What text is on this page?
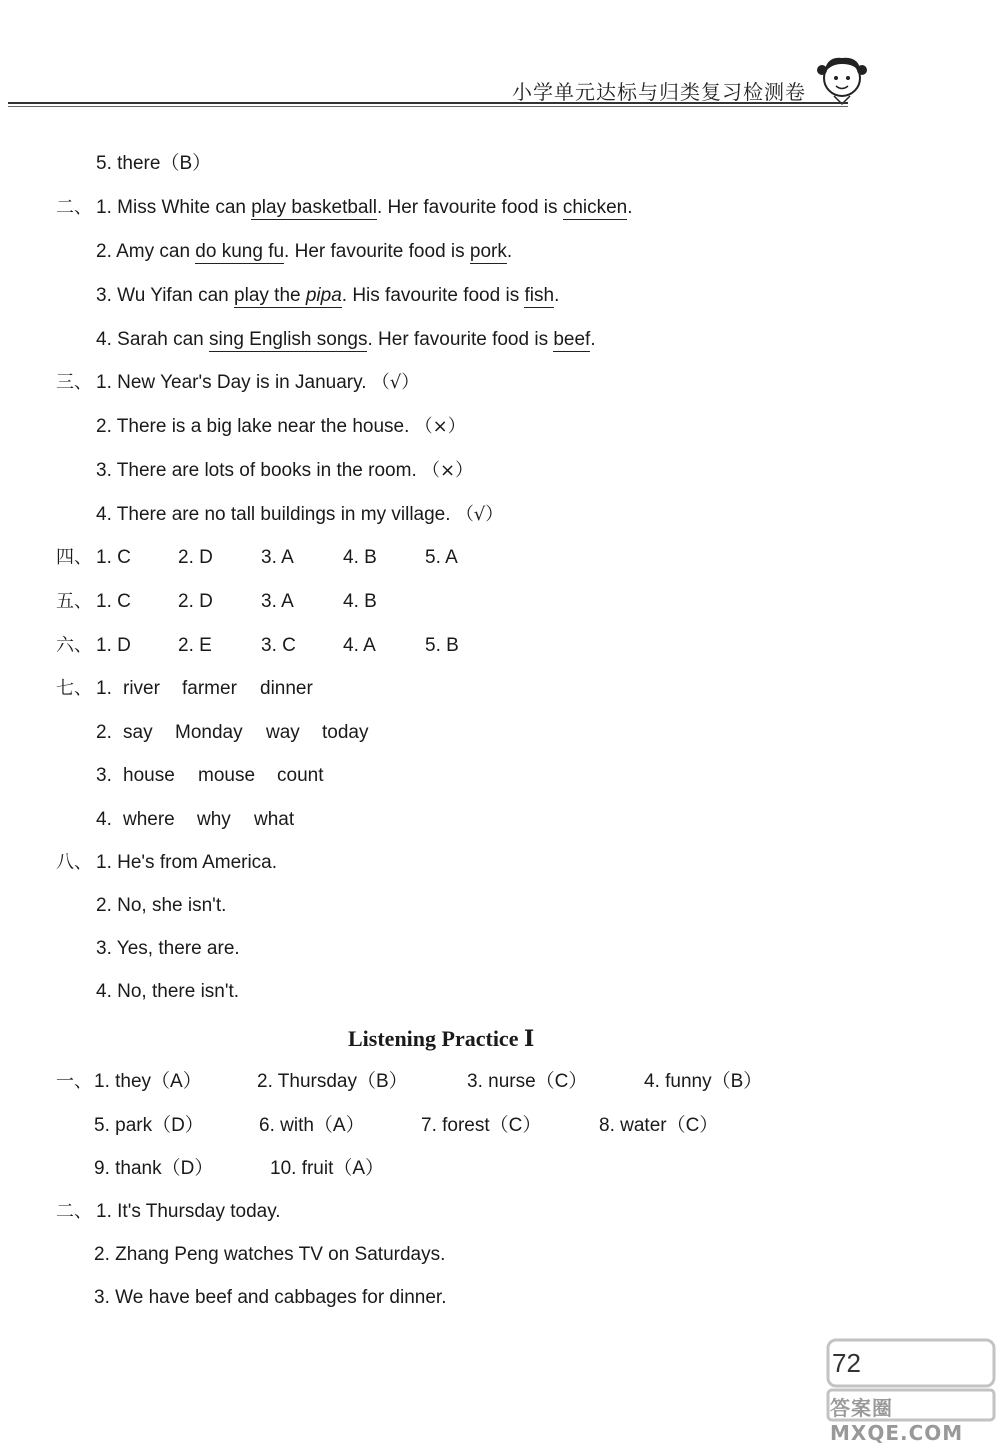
小学单元达标与归类复习检测卷
5. there（B）
二、 1. Miss White can play basketball. Her favourite food is chicken.
2. Amy can do kung fu. Her favourite food is pork.
3. Wu Yifan can play the pipa. His favourite food is fish.
4. Sarah can sing English songs. Her favourite food is beef.
三、 1. New Year's Day is in January. （√）
2. There is a big lake near the house. （×）
3. There are lots of books in the room. （×）
4. There are no tall buildings in my village. （√）
四、 1. C 2. D	3. A	4. B	5. A
五、 1. C 2. D	3. A	4. B
六、 1. D 2. E	3. C 4. A	5. B
七、 1. river farmer dinner
2. say Monday way today
3. house mouse count
4. where why what
八、 1. He's from America.
2. No, she isn't.
3. Yes, there are.
4. No, there isn't.
Listening Practice Ⅰ
一、 1. they（A）	2. Thursday（B）	3. nurse（C）	4. funny（B）
5. park（D）	6. with（A）	7. forest（C）	8. water（C）
9. thank（D）	10. fruit（A）
二、 1. It's Thursday today.
2. Zhang Peng watches TV on Saturdays.
3. We have beef and cabbages for dinner.
72
答案圈 MXQE.COM
